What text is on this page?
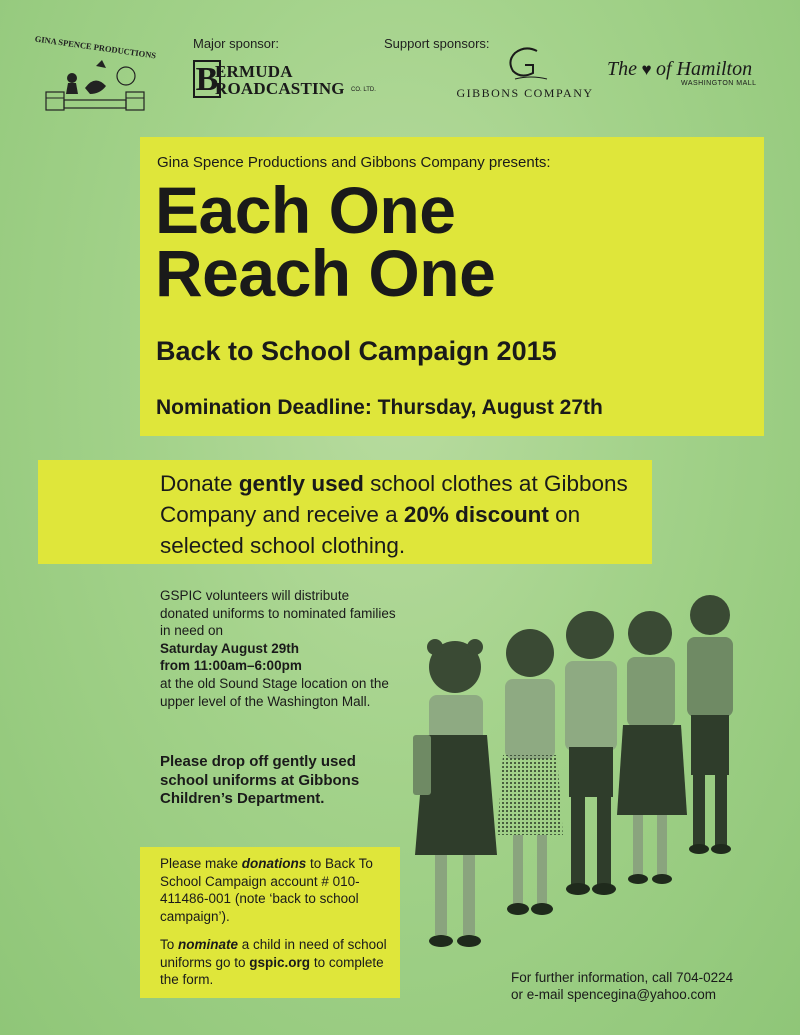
GINA SPENCE PRODUCTIONS	Major sponsor:	Support sponsors:
B
ERMUDA
ROADCASTING CO. LTD.	GIBBONS COMPANY
The ♥ of Hamilton
WASHINGTON MALL
Gina Spence Productions and Gibbons Company presents:
Each One
Reach One
Back to School Campaign 2015
Nomination Deadline: Thursday, August 27th
Donate gently used school clothes at Gibbons Company and receive a 20% discount on selected school clothing.
GSPIC volunteers will distribute donated uniforms to nominated families in need on
Saturday August 29th
from 11:00am–6:00pm
at the old Sound Stage location on the upper level of the Washington Mall.
Please drop off gently used school uniforms at Gibbons Children’s Department.
Please make donations to Back To School Campaign account # 010-411486-001 (note ‘back to school campaign’).
To nominate a child in need of school uniforms go to gspic.org to complete the form.	For further information, call 704-0224
or e-mail spencegina@yahoo.com
